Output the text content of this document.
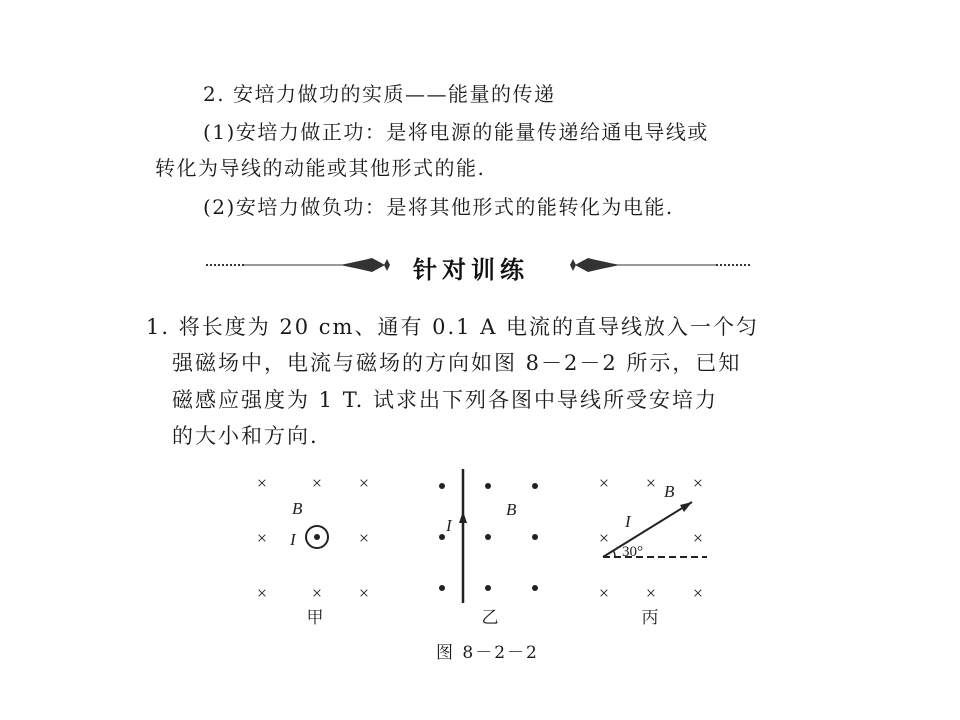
2. 安培力做功的实质——能量的传递
(1)安培力做正功：是将电源的能量传递给通电导线或
转化为导线的动能或其他形式的能.
(2)安培力做负功：是将其他形式的能转化为电能.
针对训练
1. 将长度为 20 cm、通有 0.1 A 电流的直导线放入一个匀
强磁场中，电流与磁场的方向如图 8－2－2 所示，已知
磁感应强度为 1 T. 试求出下列各图中导线所受安培力
的大小和方向.
× × ×
×	×
× × ×
B
I
甲
I
B
乙
× × ×
×	×
× × ×
I
B
30°
丙
图 8－2－2
